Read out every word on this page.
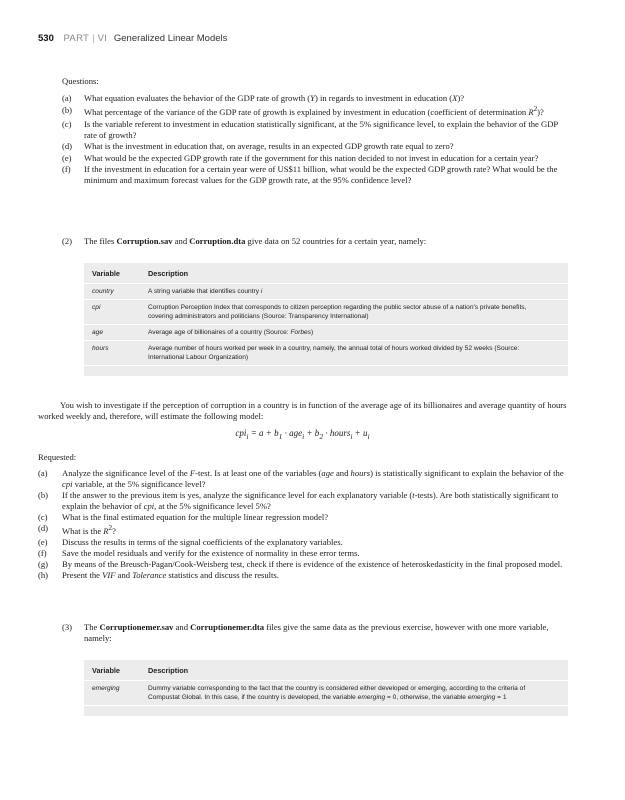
530 PART | VI Generalized Linear Models
Questions:
(a) What equation evaluates the behavior of the GDP rate of growth (Y) in regards to investment in education (X)?
(b) What percentage of the variance of the GDP rate of growth is explained by investment in education (coefficient of determination $R^2$)?
(c) Is the variable referent to investment in education statistically significant, at the 5% significance level, to explain the behavior of the GDP rate of growth?
(d) What is the investment in education that, on average, results in an expected GDP growth rate equal to zero?
(e) What would be the expected GDP growth rate if the government for this nation decided to not invest in education for a certain year?
(f) If the investment in education for a certain year were of US$11 billion, what would be the expected GDP growth rate? What would be the minimum and maximum forecast values for the GDP growth rate, at the 95% confidence level?
(2)	The files Corruption.sav and Corruption.dta give data on 52 countries for a certain year, namely:
Variable	Description
country	A string variable that identifies country i
cpi	Corruption Perception Index that corresponds to citizen perception regarding the public sector abuse of a nation's private benefits, covering administrators and politicians (Source: Transparency International)
age	Average age of billionaires of a country (Source: Forbes)
hours	Average number of hours worked per week in a country, namely, the annual total of hours worked divided by 52 weeks (Source: International Labour Organization)
You wish to investigate if the perception of corruption in a country is in function of the average age of its billionaires and average quantity of hours worked weekly and, therefore, will estimate the following model:
$cpi_i = a + b_1 \cdot age_i + b_2$ · hours$_i$ + $u_i$
Requested:
(a) Analyze the significance level of the F-test. Is at least one of the variables (age and hours) is statistically significant to explain the behavior of the cpi variable, at the 5% significance level?
(b) If the answer to the previous item is yes, analyze the significance level for each explanatory variable (t-tests). Are both statistically significant to explain the behavior of cpi, at the 5% significance level 5%?
(c) What is the final estimated equation for the multiple linear regression model?
(d) What is the $R^2$?
(e) Discuss the results in terms of the signal coefficients of the explanatory variables.
(f) Save the model residuals and verify for the existence of normality in these error terms.
(g) By means of the Breusch-Pagan/Cook-Weisberg test, check if there is evidence of the existence of heteroskedasticity in the final proposed model.
(h) Present the VIF and Tolerance statistics and discuss the results.
(3)	The Corruptionemer.sav and Corruptionemer.dta files give the same data as the previous exercise, however with one more variable, namely:
Variable	Description
emerging	Dummy variable corresponding to the fact that the country is considered either developed or emerging, according to the criteria of Compustat Global. In this case, if the country is developed, the variable emerging = 0, otherwise, the variable emerging = 1
